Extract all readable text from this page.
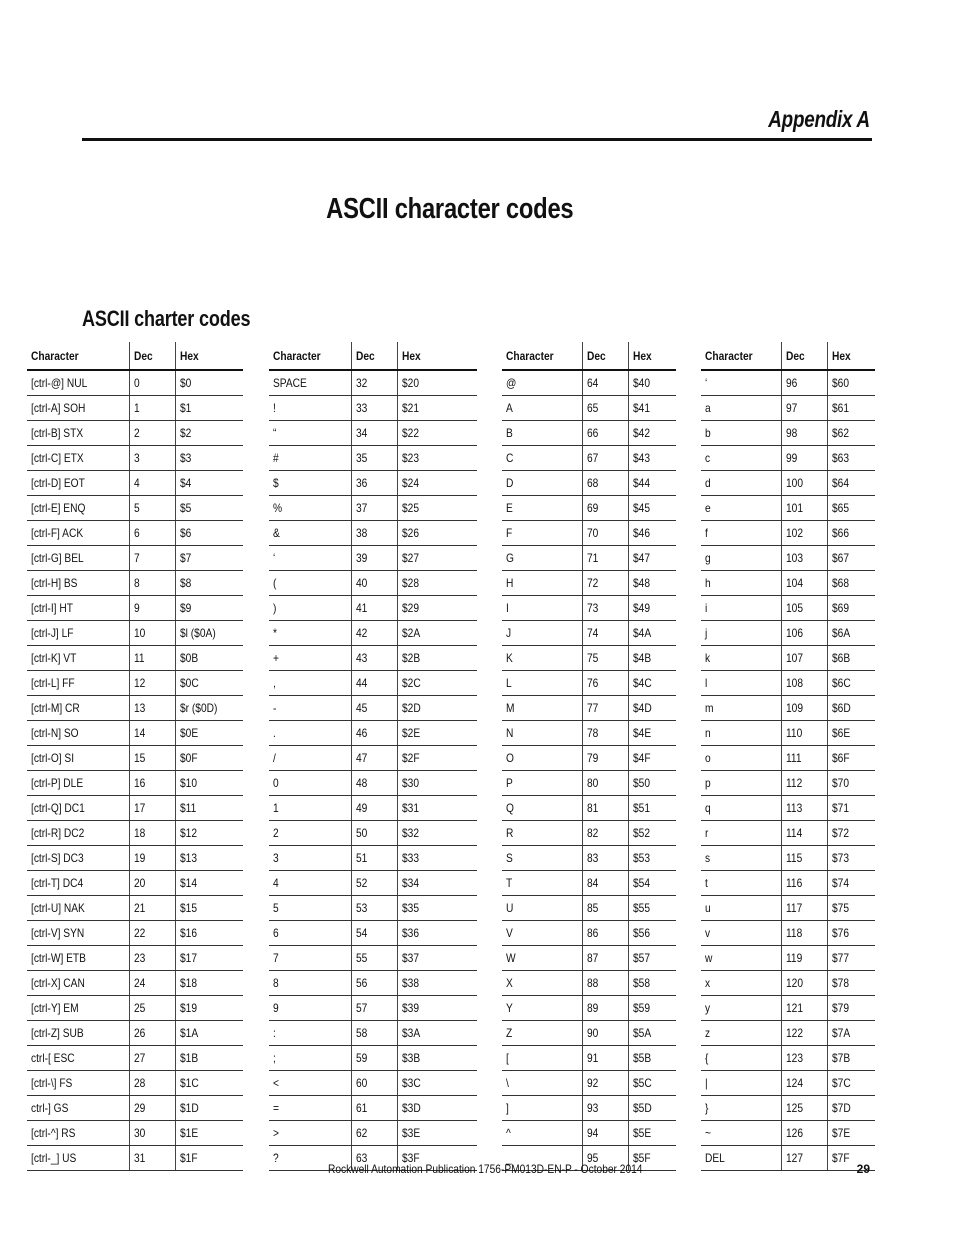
Appendix A
ASCII character codes
ASCII charter codes
Character	Dec	Hex
[ctrl-@] NUL	0	$0
[ctrl-A] SOH	1	$1
[ctrl-B] STX	2	$2
[ctrl-C] ETX	3	$3
[ctrl-D] EOT	4	$4
[ctrl-E] ENQ	5	$5
[ctrl-F] ACK	6	$6
[ctrl-G] BEL	7	$7
[ctrl-H] BS	8	$8
[ctrl-I] HT	9	$9
[ctrl-J] LF	10	$l ($0A)
[ctrl-K] VT	11	$0B
[ctrl-L] FF	12	$0C
[ctrl-M] CR	13	$r ($0D)
[ctrl-N] SO	14	$0E
[ctrl-O] SI	15	$0F
[ctrl-P] DLE	16	$10
[ctrl-Q] DC1	17	$11
[ctrl-R] DC2	18	$12
[ctrl-S] DC3	19	$13
[ctrl-T] DC4	20	$14
[ctrl-U] NAK	21	$15
[ctrl-V] SYN	22	$16
[ctrl-W] ETB	23	$17
[ctrl-X] CAN	24	$18
[ctrl-Y] EM	25	$19
[ctrl-Z] SUB	26	$1A
ctrl-[ ESC	27	$1B
[ctrl-\] FS	28	$1C
ctrl-] GS	29	$1D
[ctrl-^] RS	30	$1E
[ctrl-_] US	31	$1F
Character	Dec	Hex
SPACE	32	$20
!	33	$21
“	34	$22
#	35	$23
$	36	$24
%	37	$25
&	38	$26
‘	39	$27
(	40	$28
)	41	$29
*	42	$2A
+	43	$2B
,	44	$2C
-	45	$2D
.	46	$2E
/	47	$2F
0	48	$30
1	49	$31
2	50	$32
3	51	$33
4	52	$34
5	53	$35
6	54	$36
7	55	$37
8	56	$38
9	57	$39
:	58	$3A
;	59	$3B
<	60	$3C
=	61	$3D
>	62	$3E
?	63	$3F
Character	Dec	Hex
@	64	$40
A	65	$41
B	66	$42
C	67	$43
D	68	$44
E	69	$45
F	70	$46
G	71	$47
H	72	$48
I	73	$49
J	74	$4A
K	75	$4B
L	76	$4C
M	77	$4D
N	78	$4E
O	79	$4F
P	80	$50
Q	81	$51
R	82	$52
S	83	$53
T	84	$54
U	85	$55
V	86	$56
W	87	$57
X	88	$58
Y	89	$59
Z	90	$5A
[	91	$5B
\	92	$5C
]	93	$5D
^	94	$5E
_	95	$5F
Character	Dec	Hex
‘	96	$60
a	97	$61
b	98	$62
c	99	$63
d	100	$64
e	101	$65
f	102	$66
g	103	$67
h	104	$68
i	105	$69
j	106	$6A
k	107	$6B
l	108	$6C
m	109	$6D
n	110	$6E
o	111	$6F
p	112	$70
q	113	$71
r	114	$72
s	115	$73
t	116	$74
u	117	$75
v	118	$76
w	119	$77
x	120	$78
y	121	$79
z	122	$7A
{	123	$7B
|	124	$7C
}	125	$7D
~	126	$7E
DEL	127	$7F
Rockwell Automation Publication 1756-PM013D-EN-P - October 2014	29
